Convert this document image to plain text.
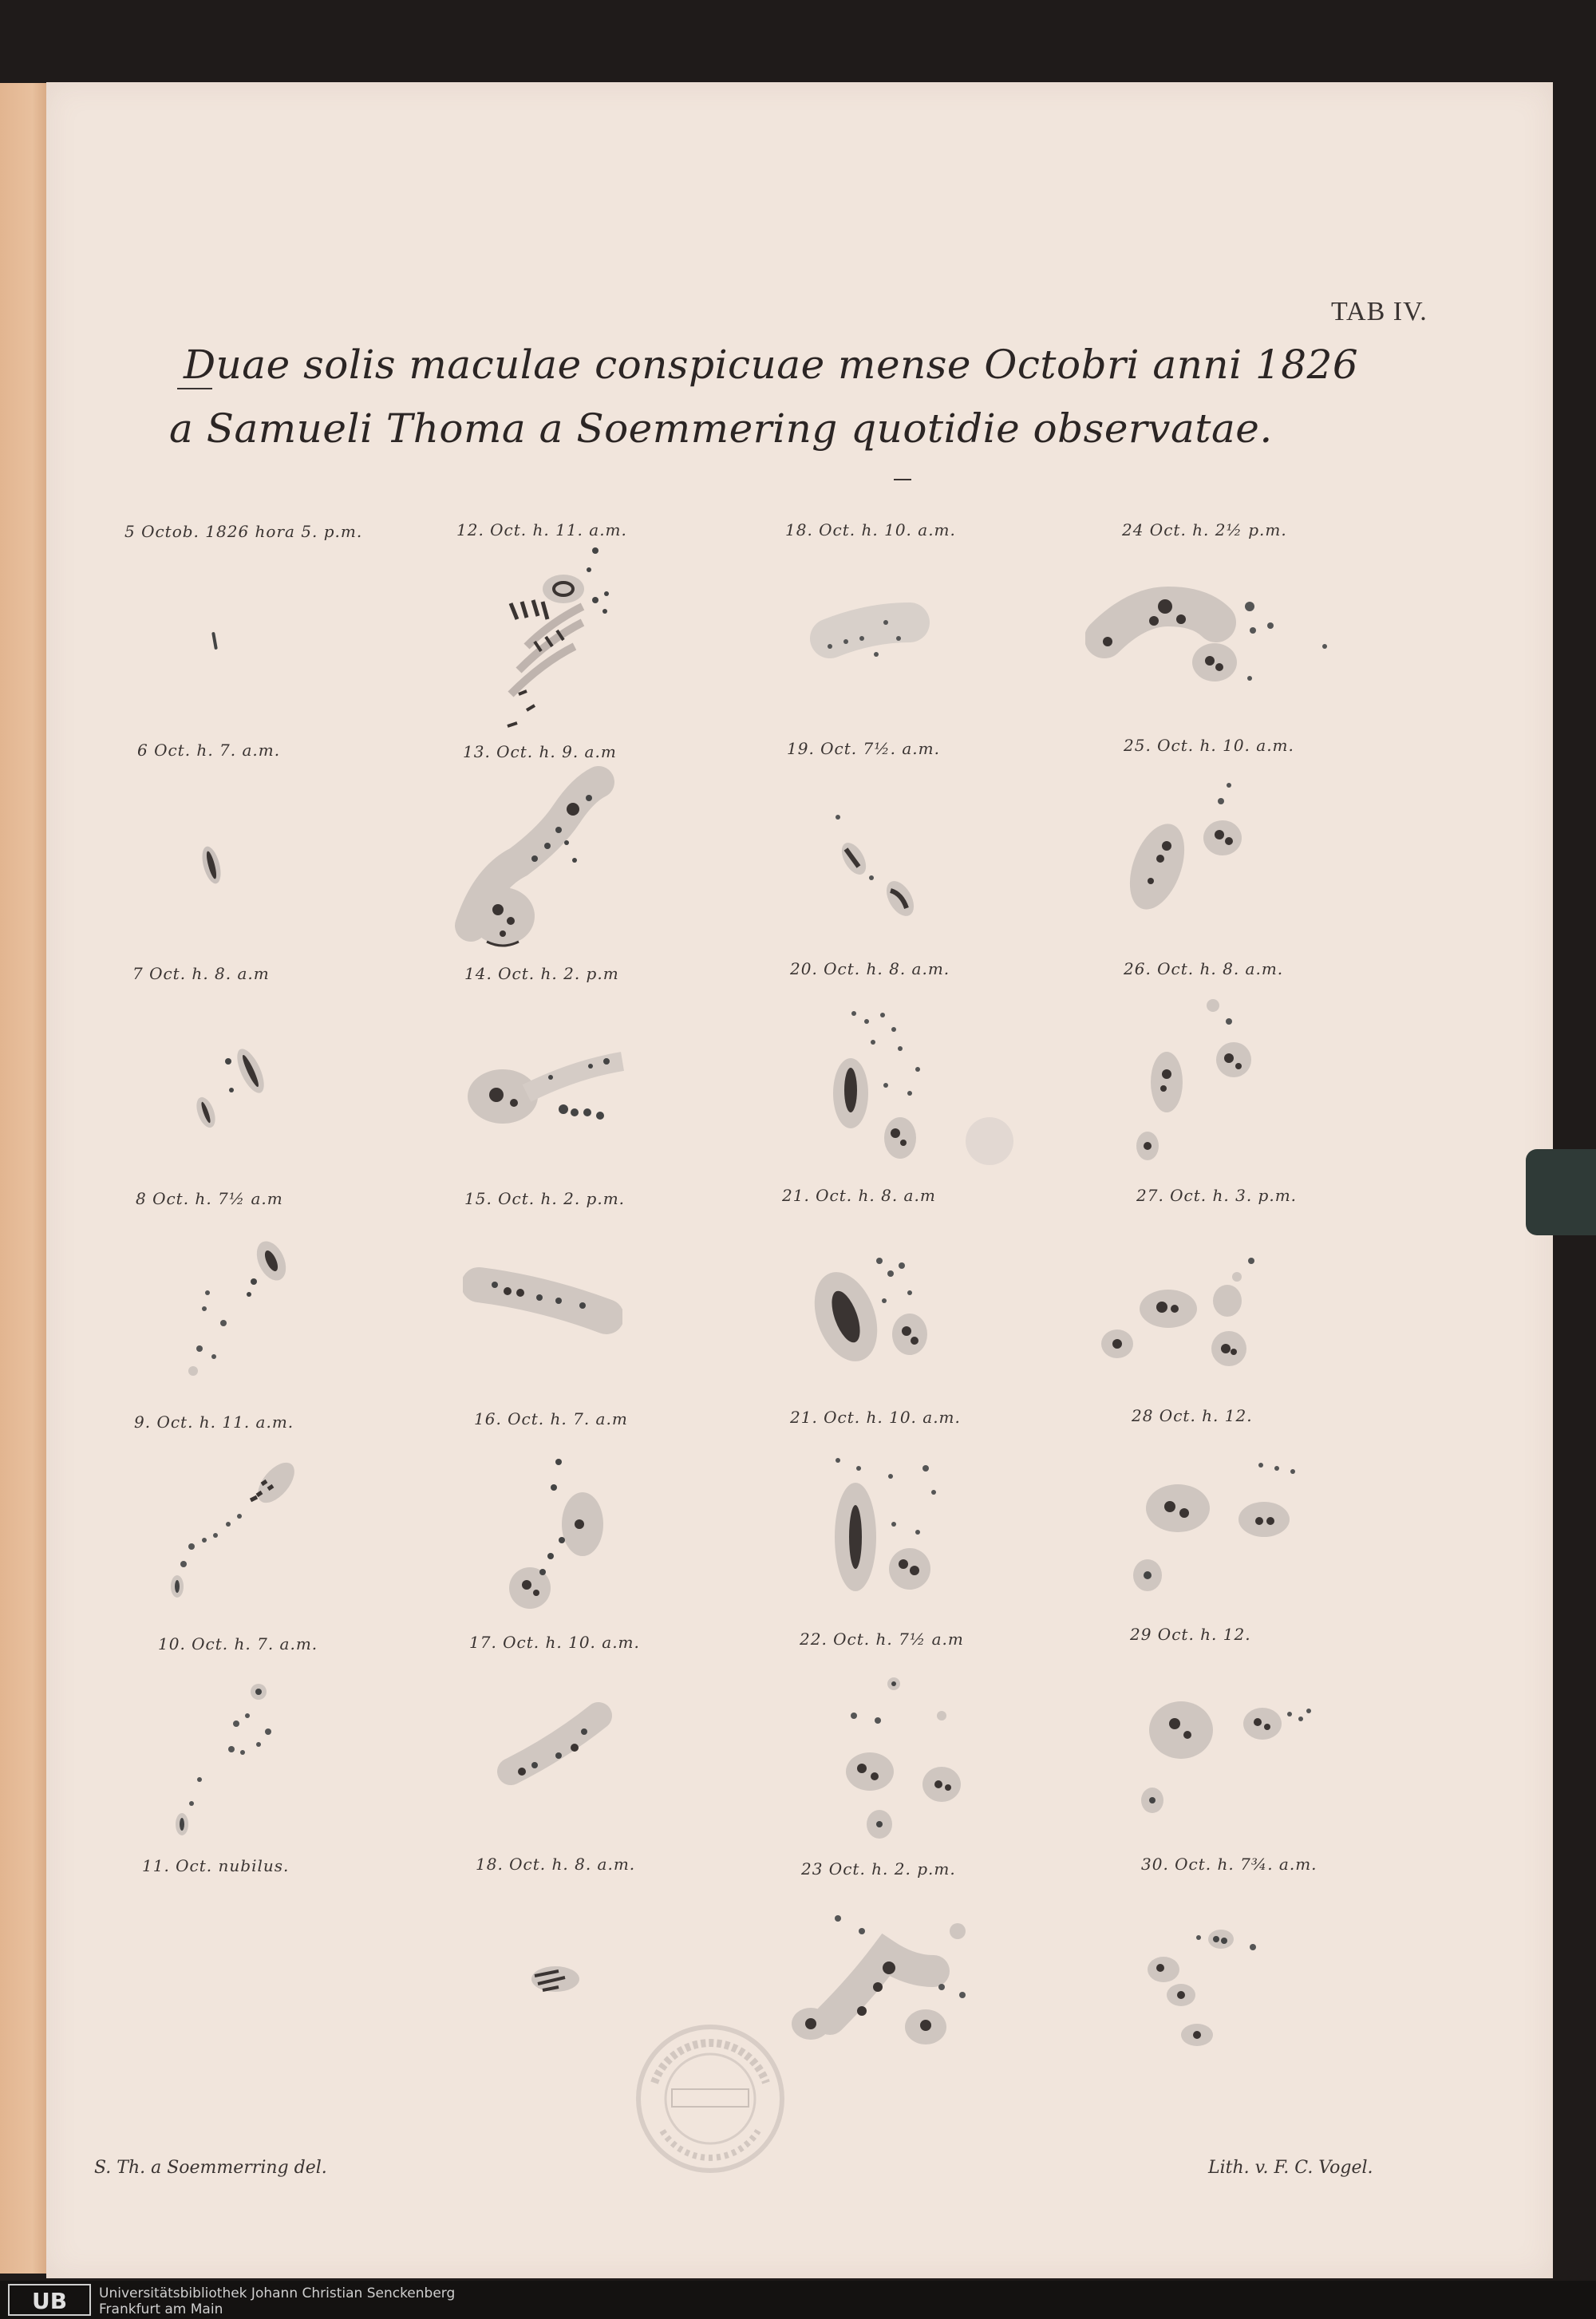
TAB IV.
Duae solis maculae conspicuae mense Octobri anni 1826
a Samueli Thoma a Soemmering quotidie observatae.
5 Octob. 1826 hora 5. p.m.
6 Oct. h. 7. a.m.
7 Oct. h. 8. a.m
8 Oct. h. 7½ a.m
9. Oct. h. 11. a.m.
10. Oct. h. 7. a.m.
11. Oct. nubilus.
12. Oct. h. 11. a.m.
13. Oct. h. 9. a.m
14. Oct. h. 2. p.m
15. Oct. h. 2. p.m.
16. Oct. h. 7. a.m
17. Oct. h. 10. a.m.
18. Oct. h. 8. a.m.
18. Oct. h. 10. a.m.
19. Oct. 7½. a.m.
20. Oct. h. 8. a.m.
21. Oct. h. 8. a.m
21. Oct. h. 10. a.m.
22. Oct. h. 7½ a.m
23 Oct. h. 2. p.m.
24 Oct. h. 2½ p.m.
25. Oct. h. 10. a.m.
26. Oct. h. 8. a.m.
27. Oct. h. 3. p.m.
28 Oct. h. 12.
29 Oct. h. 12.
30. Oct. h. 7¾. a.m.
S. Th. a Soemmerring del.	Lith. v. F. C. Vogel.
UB	Universitätsbibliothek Johann Christian Senckenberg
Frankfurt am Main
